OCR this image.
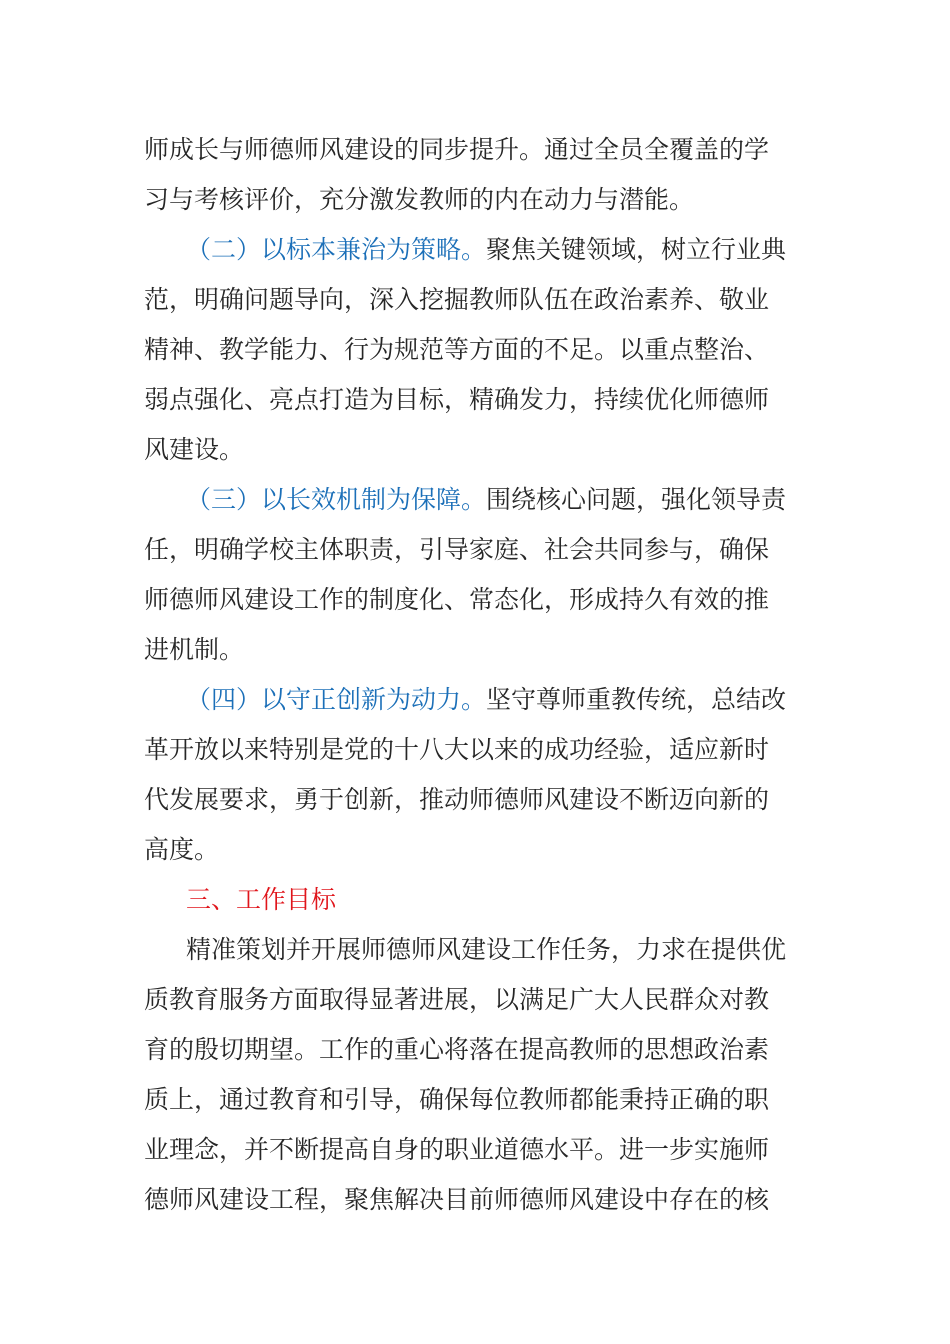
师成长与师德师风建设的同步提升。通过全员全覆盖的学
习与考核评价，充分激发教师的内在动力与潜能。
（二）以标本兼治为策略。聚焦关键领域，树立行业典
范，明确问题导向，深入挖掘教师队伍在政治素养、敬业
精神、教学能力、行为规范等方面的不足。以重点整治、
弱点强化、亮点打造为目标，精确发力，持续优化师德师
风建设。
（三）以长效机制为保障。围绕核心问题，强化领导责
任，明确学校主体职责，引导家庭、社会共同参与，确保
师德师风建设工作的制度化、常态化，形成持久有效的推
进机制。
（四）以守正创新为动力。坚守尊师重教传统，总结改
革开放以来特别是党的十八大以来的成功经验，适应新时
代发展要求，勇于创新，推动师德师风建设不断迈向新的
高度。
三、工作目标
精准策划并开展师德师风建设工作任务，力求在提供优
质教育服务方面取得显著进展，以满足广大人民群众对教
育的殷切期望。工作的重心将落在提高教师的思想政治素
质上，通过教育和引导，确保每位教师都能秉持正确的职
业理念，并不断提高自身的职业道德水平。进一步实施师
德师风建设工程，聚焦解决目前师德师风建设中存在的核
